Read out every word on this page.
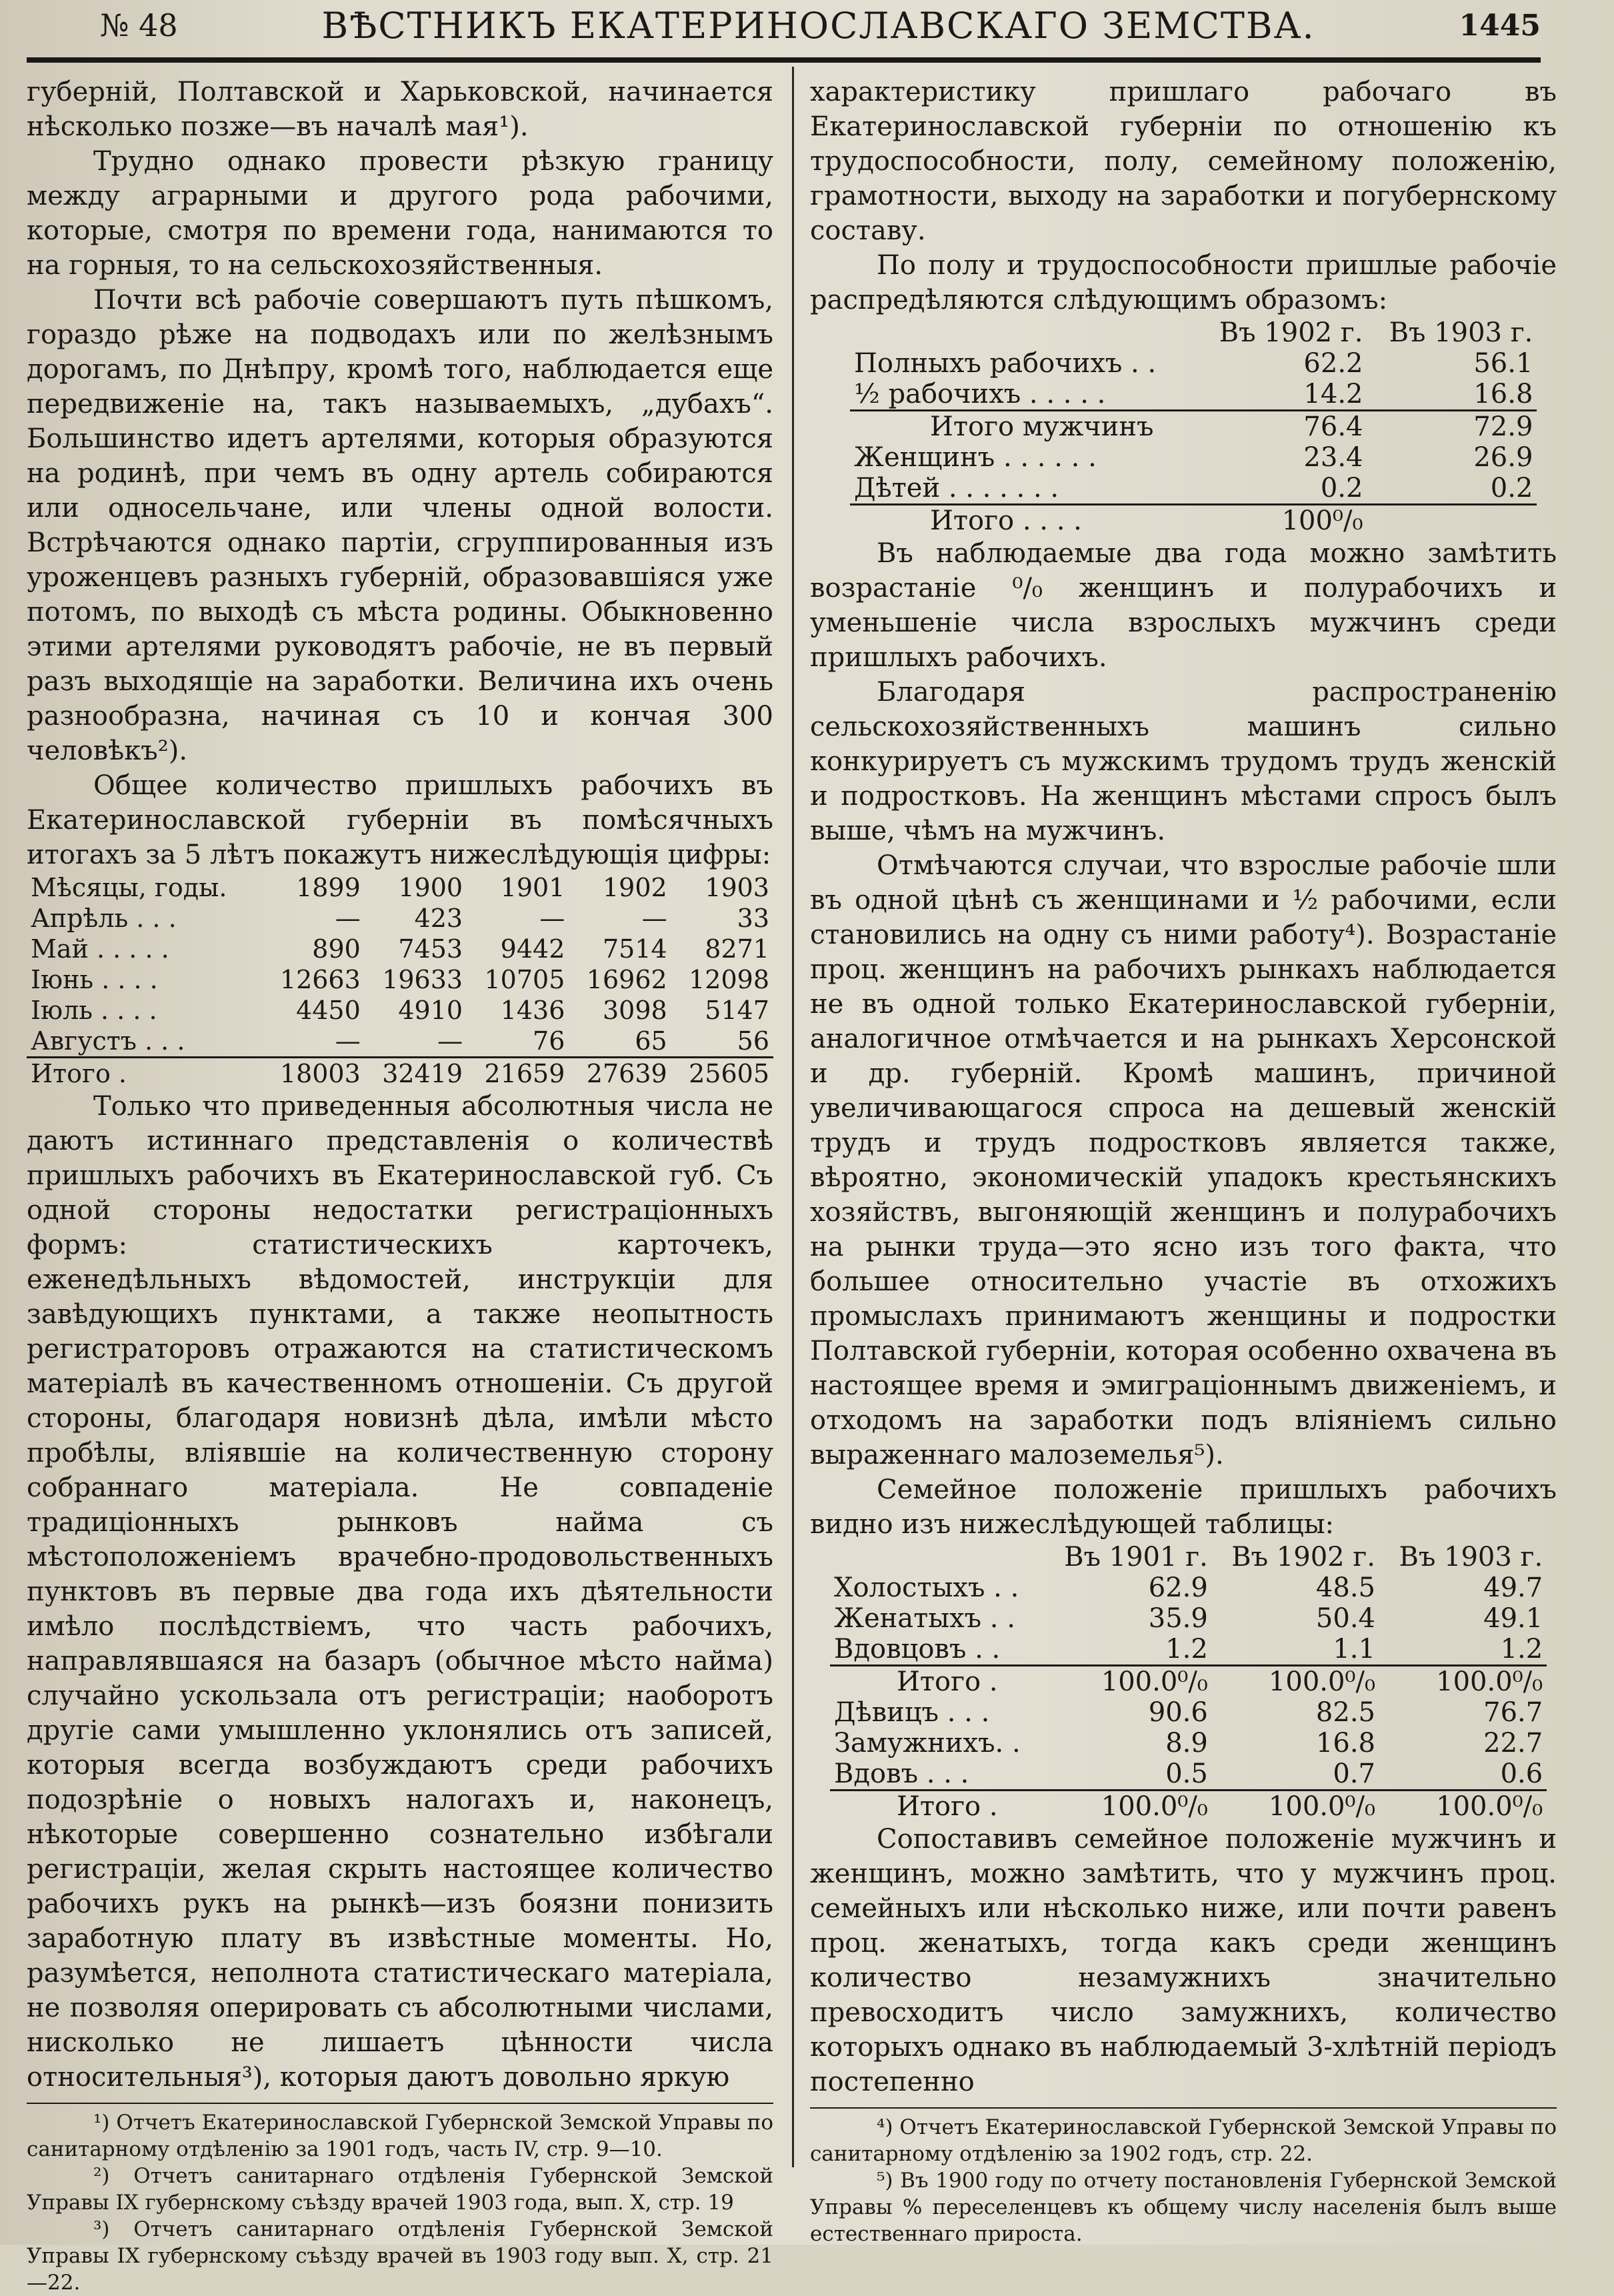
№ 48	ВѢСТНИКЪ ЕКАТЕРИНОСЛАВСКАГО ЗЕМСТВА.	1445

губерній, Полтавской и Харьковской, начинается нѣсколько позже—въ началѣ мая¹).

Трудно однако провести рѣзкую границу между аграрными и другого рода рабочими, которые, смотря по времени года, нанимаются то на горныя, то на сельскохозяйственныя.

Почти всѣ рабочіе совершаютъ путь пѣшкомъ, гораздо рѣже на подводахъ или по желѣзнымъ дорогамъ, по Днѣпру, кромѣ того, наблюдается еще передвиженіе на, такъ называемыхъ, „дубахъ“. Большинство идетъ артелями, которыя образуются на родинѣ, при чемъ въ одну артель собираются или односельчане, или члены одной волости. Встрѣчаются однако партіи, сгруппированныя изъ уроженцевъ разныхъ губерній, образовавшіяся уже потомъ, по выходѣ съ мѣста родины. Обыкновенно этими артелями руководятъ рабочіе, не въ первый разъ выходящіе на заработки. Величина ихъ очень разнообразна, начиная съ 10 и кончая 300 человѣкъ²).

Общее количество пришлыхъ рабочихъ въ Екатеринославской губерніи въ помѣсячныхъ итогахъ за 5 лѣтъ покажутъ нижеслѣдующія цифры:

Мѣсяцы, годы.	1899	1900	1901	1902	1903
Апрѣль . . .	—	423	—	—	33
Май . . . . .	890	7453	9442	7514	8271
Іюнь . . . .	12663	19633	10705	16962	12098
Іюль . . . .	4450	4910	1436	3098	5147
Августъ . . .	—	—	76	65	56
Итого .	18003	32419	21659	27639	25605

Только что приведенныя абсолютныя числа не даютъ истиннаго представленія о количествѣ пришлыхъ рабочихъ въ Екатеринославской губ. Съ одной стороны недостатки регистраціонныхъ формъ: статистическихъ карточекъ, еженедѣльныхъ вѣдомостей, инструкціи для завѣдующихъ пунктами, а также неопытность регистраторовъ отражаются на статистическомъ матеріалѣ въ качественномъ отношеніи. Съ другой стороны, благодаря новизнѣ дѣла, имѣли мѣсто пробѣлы, вліявшіе на количественную сторону собраннаго матеріала. Не совпаденіе традиціонныхъ рынковъ найма съ мѣстоположеніемъ врачебно-продовольственныхъ пунктовъ въ первые два года ихъ дѣятельности имѣло послѣдствіемъ, что часть рабочихъ, направлявшаяся на базаръ (обычное мѣсто найма) случайно ускользала отъ регистраціи; наоборотъ другіе сами умышленно уклонялись отъ записей, которыя всегда возбуждаютъ среди рабочихъ подозрѣніе о новыхъ налогахъ и, наконецъ, нѣкоторые совершенно сознательно избѣгали регистраціи, желая скрыть настоящее количество рабочихъ рукъ на рынкѣ—изъ боязни понизить заработную плату въ извѣстные моменты. Но, разумѣется, неполнота статистическаго матеріала, не позволяя оперировать съ абсолютными числами, нисколько не лишаетъ цѣнности числа относительныя³), которыя даютъ довольно яркую

¹) Отчетъ Екатеринославской Губернской Земской Управы по санитарному отдѣленію за 1901 годъ, часть IV, стр. 9—10.

²) Отчетъ санитарнаго отдѣленія Губернской Земской Управы IX губернскому съѣзду врачей 1903 года, вып. X, стр. 19

³) Отчетъ санитарнаго отдѣленія Губернской Земской Управы IX губернскому съѣзду врачей въ 1903 году вып. X, стр. 21—22.

характеристику пришлаго рабочаго въ Екатеринославской губерніи по отношенію къ трудоспособности, полу, семейному положенію, грамотности, выходу на заработки и погубернскому составу.

По полу и трудоспособности пришлые рабочіе распредѣляются слѣдующимъ образомъ:

	Въ 1902 г.	Въ 1903 г.
Полныхъ рабочихъ . .	62.2	56.1
½ рабочихъ . . . . .	14.2	16.8
Итого мужчинъ	76.4	72.9
Женщинъ . . . . . .	23.4	26.9
Дѣтей . . . . . . .	0.2	0.2
Итого . . . .	100⁰/₀	

Въ наблюдаемые два года можно замѣтить возрастаніе ⁰/₀ женщинъ и полурабочихъ и уменьшеніе числа взрослыхъ мужчинъ среди пришлыхъ рабочихъ.

Благодаря распространенію сельскохозяйственныхъ машинъ сильно конкурируетъ съ мужскимъ трудомъ трудъ женскій и подростковъ. На женщинъ мѣстами спросъ былъ выше, чѣмъ на мужчинъ.

Отмѣчаются случаи, что взрослые рабочіе шли въ одной цѣнѣ съ женщинами и ½ рабочими, если становились на одну съ ними работу⁴). Возрастаніе проц. женщинъ на рабочихъ рынкахъ наблюдается не въ одной только Екатеринославской губерніи, аналогичное отмѣчается и на рынкахъ Херсонской и др. губерній. Кромѣ машинъ, причиной увеличивающагося спроса на дешевый женскій трудъ и трудъ подростковъ является также, вѣроятно, экономическій упадокъ крестьянскихъ хозяйствъ, выгоняющій женщинъ и полурабочихъ на рынки труда—это ясно изъ того факта, что большее относительно участіе въ отхожихъ промыслахъ принимаютъ женщины и подростки Полтавской губерніи, которая особенно охвачена въ настоящее время и эмиграціоннымъ движеніемъ, и отходомъ на заработки подъ вліяніемъ сильно выраженнаго малоземелья⁵).

Семейное положеніе пришлыхъ рабочихъ видно изъ нижеслѣдующей таблицы:

	Въ 1901 г.	Въ 1902 г.	Въ 1903 г.
Холостыхъ . .	62.9	48.5	49.7
Женатыхъ . .	35.9	50.4	49.1
Вдовцовъ . .	1.2	1.1	1.2
Итого .	100.0⁰/₀	100.0⁰/₀	100.0⁰/₀
Дѣвицъ . . .	90.6	82.5	76.7
Замужнихъ. .	8.9	16.8	22.7
Вдовъ . . .	0.5	0.7	0.6
Итого .	100.0⁰/₀	100.0⁰/₀	100.0⁰/₀

Сопоставивъ семейное положеніе мужчинъ и женщинъ, можно замѣтить, что у мужчинъ проц. семейныхъ или нѣсколько ниже, или почти равенъ проц. женатыхъ, тогда какъ среди женщинъ количество незамужнихъ значительно превосходитъ число замужнихъ, количество которыхъ однако въ наблюдаемый 3-хлѣтній періодъ постепенно

⁴) Отчетъ Екатеринославской Губернской Земской Управы по санитарному отдѣленію за 1902 годъ, стр. 22.

⁵) Въ 1900 году по отчету постановленія Губернской Земской Управы % переселенцевъ къ общему числу населенія былъ выше естественнаго прироста.
